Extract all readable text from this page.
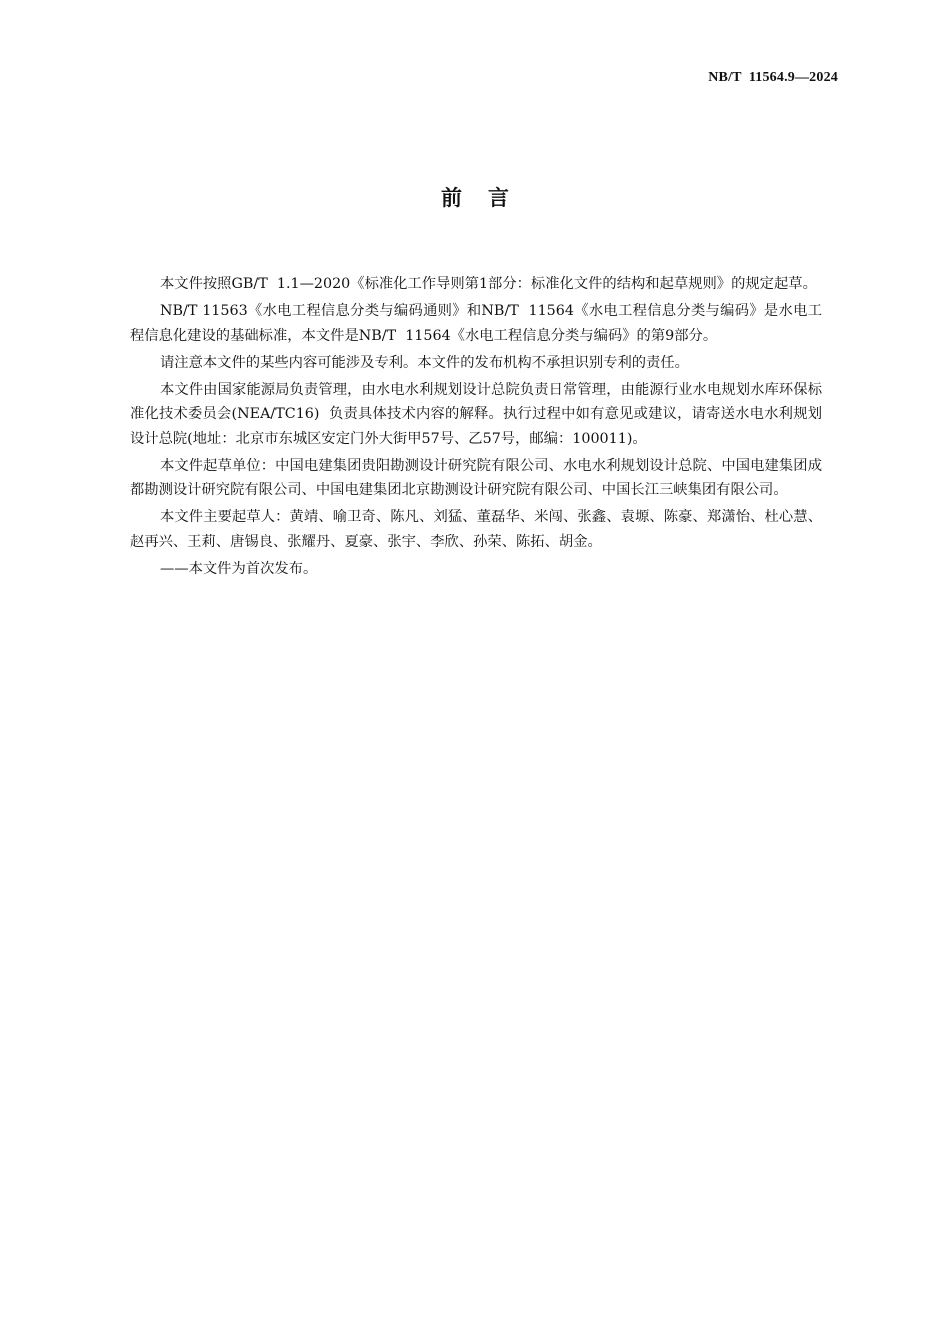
NB/T  11564.9—2024
前言

本文件按照GB/T  1.1—2020《标准化工作导则第1部分：标准化文件的结构和起草规则》的规定起草。

NB/T 11563《水电工程信息分类与编码通则》和NB/T  11564《水电工程信息分类与编码》是水电工程信息化建设的基础标准，本文件是NB/T  11564《水电工程信息分类与编码》的第9部分。

请注意本文件的某些内容可能涉及专利。本文件的发布机构不承担识别专利的责任。

本文件由国家能源局负责管理，由水电水利规划设计总院负责日常管理，由能源行业水电规划水库环保标准化技术委员会(NEA/TC16)  负责具体技术内容的解释。执行过程中如有意见或建议，请寄送水电水利规划设计总院(地址：北京市东城区安定门外大街甲57号、乙57号，邮编：100011)。

本文件起草单位：中国电建集团贵阳勘测设计研究院有限公司、水电水利规划设计总院、中国电建集团成都勘测设计研究院有限公司、中国电建集团北京勘测设计研究院有限公司、中国长江三峡集团有限公司。

本文件主要起草人：黄靖、喻卫奇、陈凡、刘猛、董磊华、米闯、张鑫、袁塬、陈豪、郑潇怡、杜心慧、赵再兴、王莉、唐锡良、张耀丹、夏豪、张宇、李欣、孙荣、陈拓、胡金。

——本文件为首次发布。
